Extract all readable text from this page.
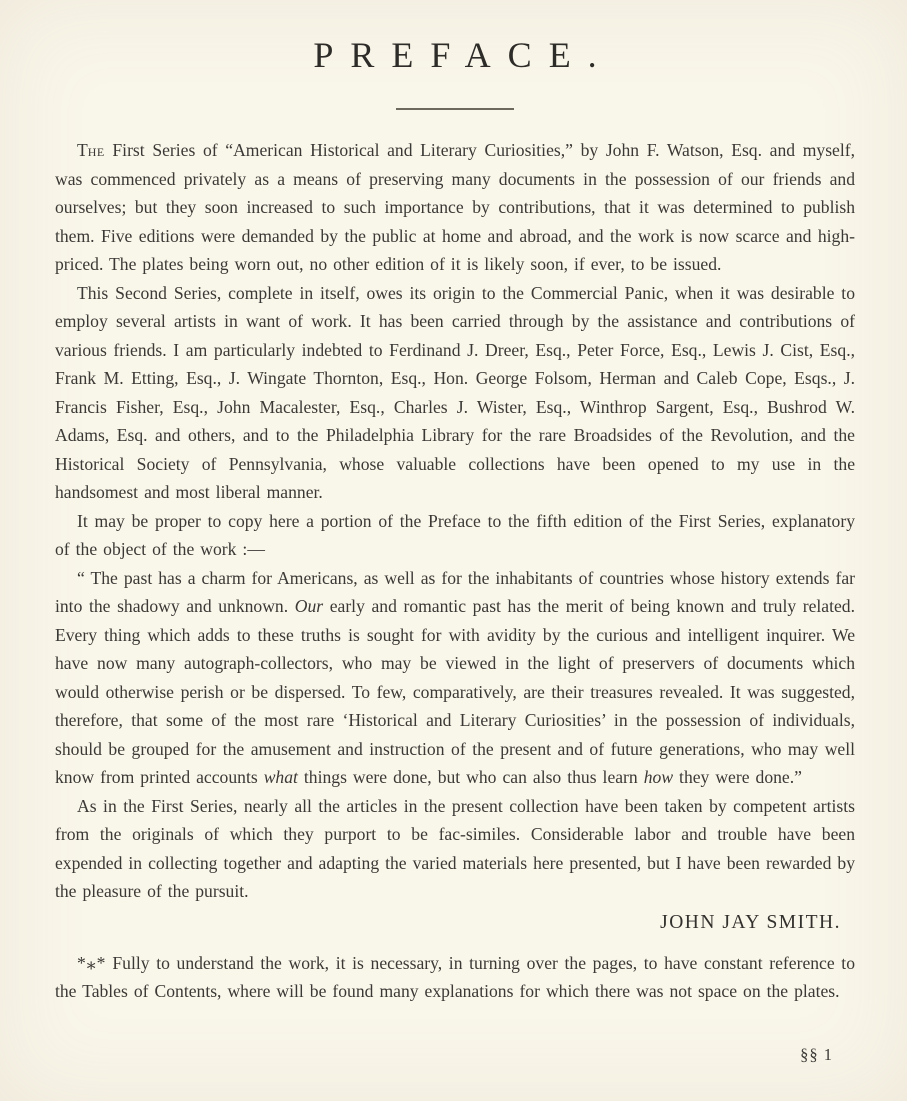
PREFACE.

The First Series of “American Historical and Literary Curiosities,” by John F. Watson, Esq. and myself, was commenced privately as a means of preserving many documents in the possession of our friends and ourselves; but they soon increased to such importance by contributions, that it was determined to publish them. Five editions were demanded by the public at home and abroad, and the work is now scarce and high-priced. The plates being worn out, no other edition of it is likely soon, if ever, to be issued.

This Second Series, complete in itself, owes its origin to the Commercial Panic, when it was desirable to employ several artists in want of work. It has been carried through by the assistance and contributions of various friends. I am particularly indebted to Ferdinand J. Dreer, Esq., Peter Force, Esq., Lewis J. Cist, Esq., Frank M. Etting, Esq., J. Wingate Thornton, Esq., Hon. George Folsom, Herman and Caleb Cope, Esqs., J. Francis Fisher, Esq., John Macalester, Esq., Charles J. Wister, Esq., Winthrop Sargent, Esq., Bushrod W. Adams, Esq. and others, and to the Philadelphia Library for the rare Broadsides of the Revolution, and the Historical Society of Pennsylvania, whose valuable collections have been opened to my use in the handsomest and most liberal manner.

It may be proper to copy here a portion of the Preface to the fifth edition of the First Series, explanatory of the object of the work :—

“ The past has a charm for Americans, as well as for the inhabitants of countries whose history extends far into the shadowy and unknown. Our early and romantic past has the merit of being known and truly related. Every thing which adds to these truths is sought for with avidity by the curious and intelligent inquirer. We have now many autograph-collectors, who may be viewed in the light of preservers of documents which would otherwise perish or be dispersed. To few, comparatively, are their treasures revealed. It was suggested, therefore, that some of the most rare ‘Historical and Literary Curiosities’ in the possession of individuals, should be grouped for the amusement and instruction of the present and of future generations, who may well know from printed accounts what things were done, but who can also thus learn how they were done.”

As in the First Series, nearly all the articles in the present collection have been taken by competent artists from the originals of which they purport to be fac-similes. Considerable labor and trouble have been expended in collecting together and adapting the varied materials here presented, but I have been rewarded by the pleasure of the pursuit.

JOHN JAY SMITH.

*⁎* Fully to understand the work, it is necessary, in turning over the pages, to have constant reference to the Tables of Contents, where will be found many explanations for which there was not space on the plates.

§§ 1
